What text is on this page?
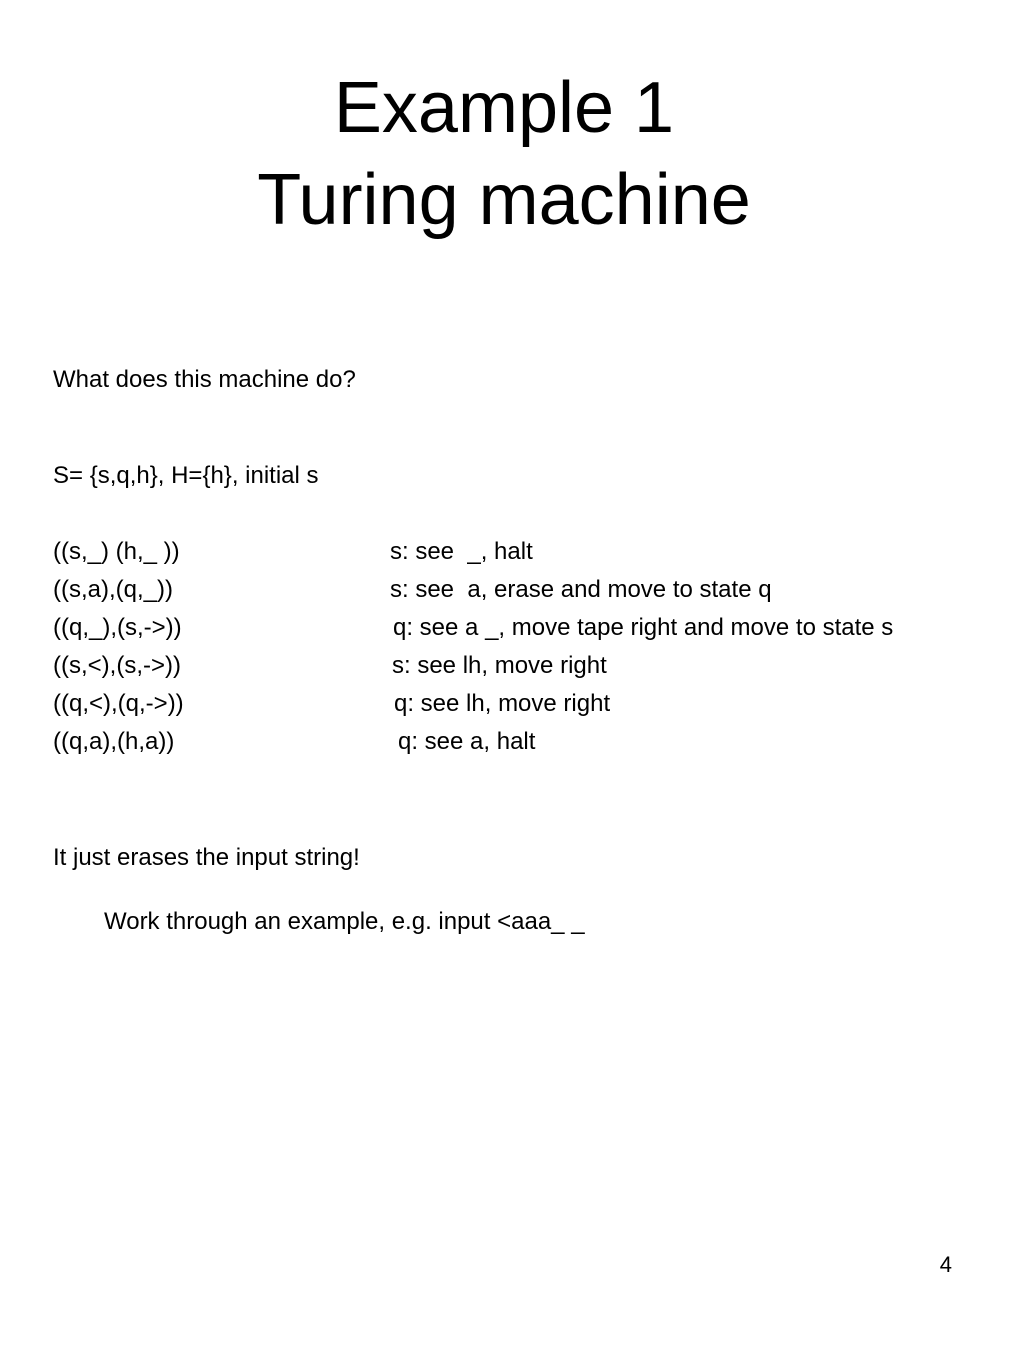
Example 1
Turing machine
What does this machine do?
S= {s,q,h}, H={h}, initial s
((s,_) (h,_ ))	s: see  _, halt
((s,a),(q,_))	s: see  a, erase and move to state q
((q,_),(s,->))	q: see a _, move tape right and move to state s
((s,<),(s,->))	s: see lh, move right
((q,<),(q,->))	q: see lh, move right
((q,a),(h,a))	q: see a, halt
It just erases the input string!
Work through an example, e.g. input <aaa_ _
4
